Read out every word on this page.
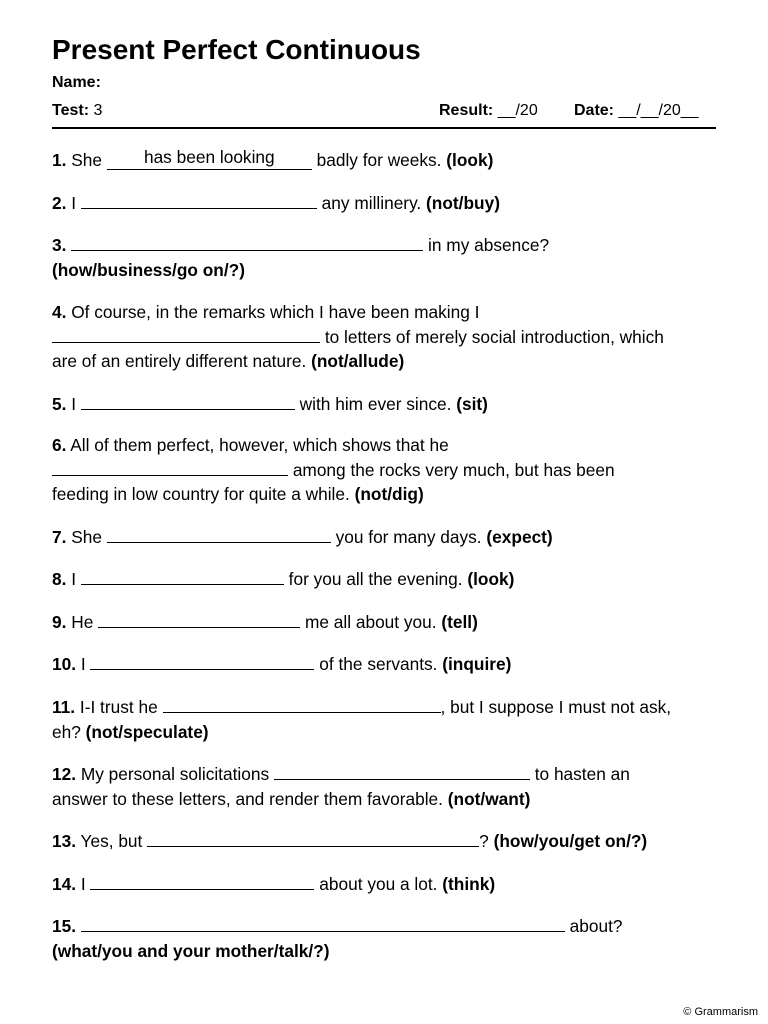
Present Perfect Continuous
Name:
Test: 3	Result: __/20 Date: __/__/20__
1. She has been looking badly for weeks. (look)
2. I	any millinery. (not/buy)
3.	in my absence?
(how/business/go on/?)
4. Of course, in the remarks which I have been making I
to letters of merely social introduction, which
are of an entirely different nature. (not/allude)
5. I	with him ever since. (sit)
6. All of them perfect, however, which shows that he
among the rocks very much, but has been
feeding in low country for quite a while. (not/dig)
7. She	you for many days. (expect)
8. I	for you all the evening. (look)
9. He	me all about you. (tell)
10. I	of the servants. (inquire)
11. I-I trust he	, but I suppose I must not ask,
eh? (not/speculate)
12. My personal solicitations	to hasten an
answer to these letters, and render them favorable. (not/want)
13. Yes, but	? (how/you/get on/?)
14. I	about you a lot. (think)
15.	about?
(what/you and your mother/talk/?)
© Grammarism
